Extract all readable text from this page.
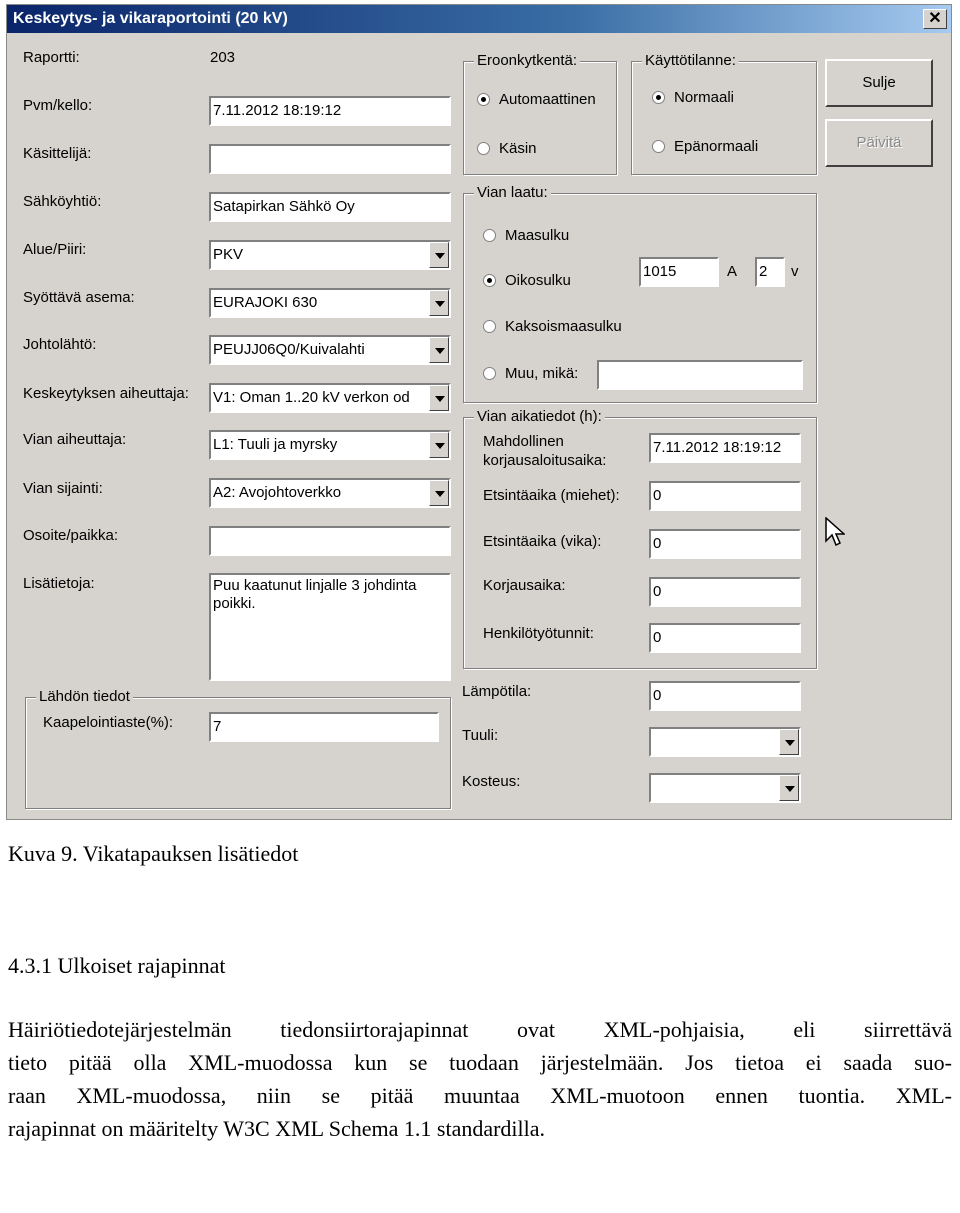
Keskeytys- ja vikaraportointi (20 kV)	✕
Raportti:	203
Pvm/kello:	7.11.2012 18:19:12
Käsittelijä:
Sähköyhtiö:	Satapirkan Sähkö Oy
Alue/Piiri:	PKV
Syöttävä asema:	EURAJOKI 630
Johtolähtö:	PEUJJ06Q0/Kuivalahti
Keskeytyksen aiheuttaja: V1: Oman 1..20 kV verkon od
Vian aiheuttaja:	L1: Tuuli ja myrsky
Vian sijainti:	A2: Avojohtoverkko
Osoite/paikka:
Lisätietoja:	Puu kaatunut linjalle 3 johdinta poikki.
Lähdön tiedot
Kaapelointiaste(%):	7
Eroonkytkentä:
Automaattinen
Käsin
Käyttötilanne:
Normaali
Epänormaali
Sulje
Päivitä
Vian laatu:
Maasulku
Oikosulku
1015	A 2	v
Kaksoismaasulku
Muu, mikä:
Vian aikatiedot (h):
Mahdollinen
korjausaloitusaika:
7.11.2012 18:19:12
Etsintäaika (miehet): 0
Etsintäaika (vika):	0
Korjausaika:	0
Henkilötyötunnit:	0
Lämpötila:	0
Tuuli:
Kosteus:
Kuva 9. Vikatapauksen lisätiedot
4.3.1 Ulkoiset rajapinnat
Häiriötiedotejärjestelmän tiedonsiirtorajapinnat ovat XML-pohjaisia, eli siirrettävä
tieto pitää olla XML-muodossa kun se tuodaan järjestelmään. Jos tietoa ei saada suo-
raan XML-muodossa, niin se pitää muuntaa XML-muotoon ennen tuontia. XML-
rajapinnat on määritelty W3C XML Schema 1.1 standardilla.
